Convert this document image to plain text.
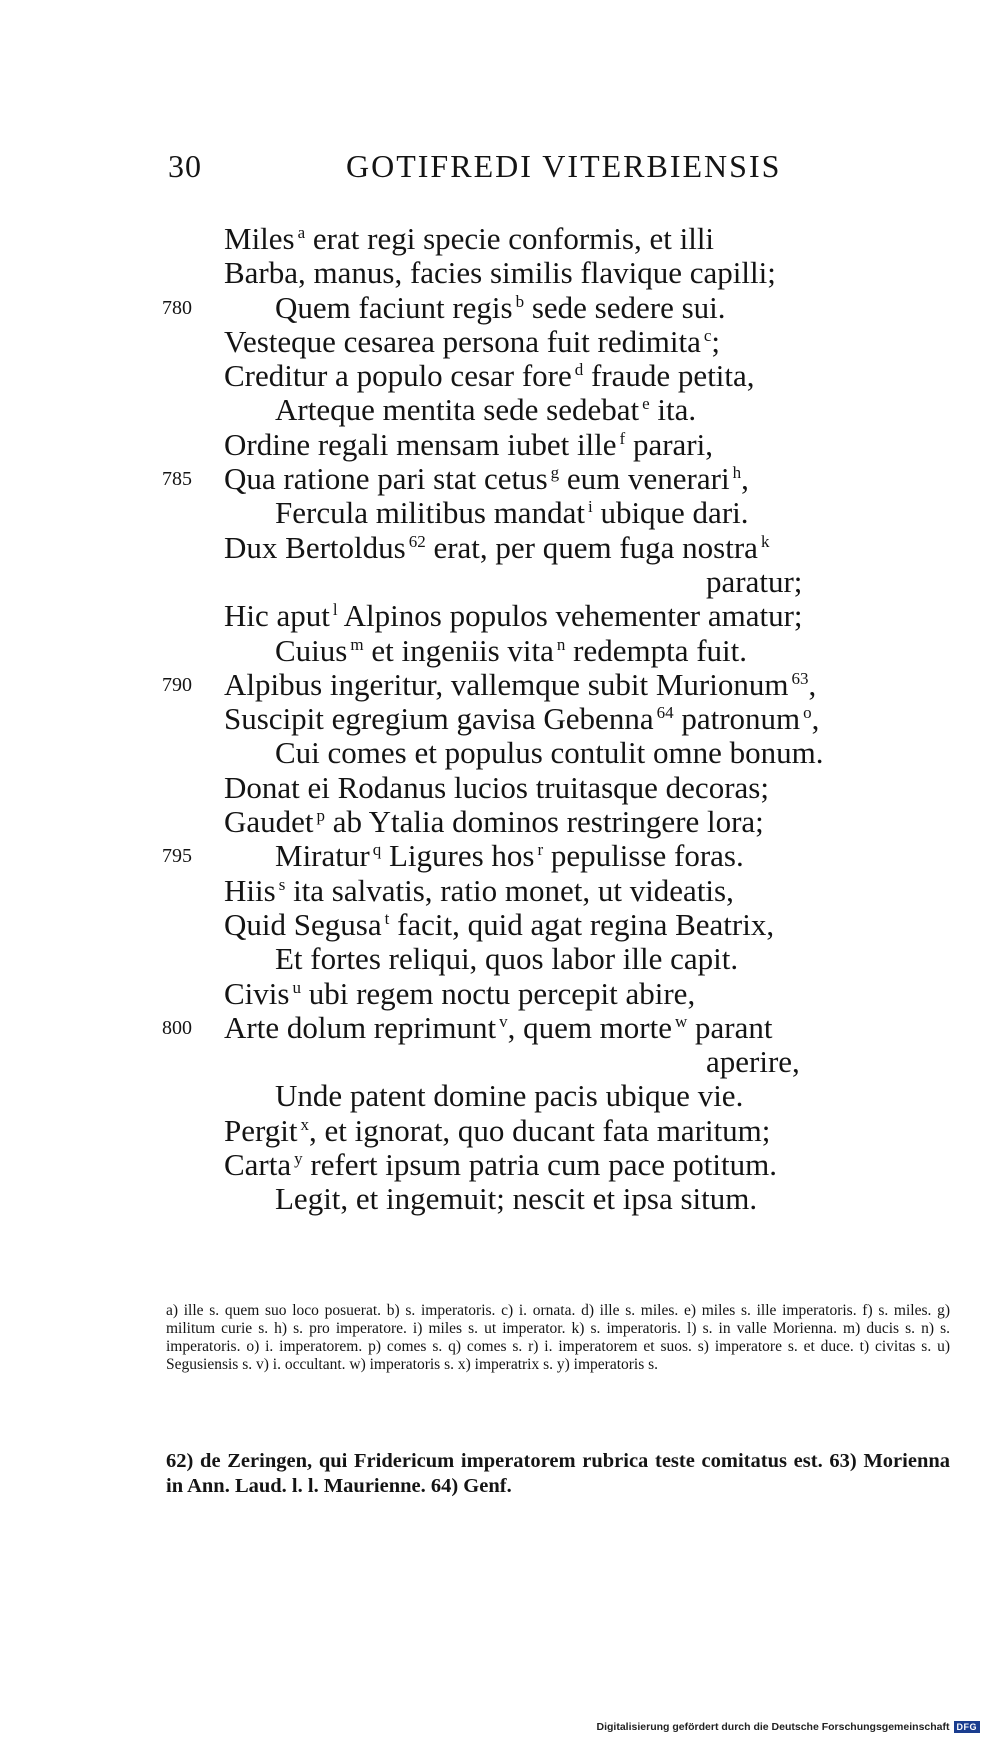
30	GOTIFREDI VITERBIENSIS
Miles $^a$ erat regi specie conformis, et illi
Barba, manus, facies similis flavique capilli;
780	Quem faciunt regis $^b$ sede sedere sui.
Vesteque cesarea persona fuit redimita $^c$;
Creditur a populo cesar fore $^d$ fraude petita,
Arteque mentita sede sedebat $^e$ ita.
Ordine regali mensam iubet ille $^f$ parari,
785	Qua ratione pari stat cetus $^g$ eum venerari $^h$,
Fercula militibus mandat $^i$ ubique dari.
Dux Bertoldus $^{62}$ erat, per quem fuga nostra $^k$
paratur;
Hic aput $^l$ Alpinos populos vehementer amatur;
Cuius $^m$ et ingeniis vita $^n$ redempta fuit.
790	Alpibus ingeritur, vallemque subit Murionum $^{63}$,
Suscipit egregium gavisa Gebenna $^{64}$ patronum $^o$,
Cui comes et populus contulit omne bonum.
Donat ei Rodanus lucios truitasque decoras;
Gaudet $^p$ ab Ytalia dominos restringere lora;
795	Miratur $^q$ Ligures hos $^r$ pepulisse foras.
Hiis $^s$ ita salvatis, ratio monet, ut videatis,
Quid Segusa $^t$ facit, quid agat regina Beatrix,
Et fortes reliqui, quos labor ille capit.
Civis $^u$ ubi regem noctu percepit abire,
800	Arte dolum reprimunt $^v$, quem morte $^w$ parant
aperire,
Unde patent domine pacis ubique vie.
Pergit $^x$, et ignorat, quo ducant fata maritum;
Carta $^y$ refert ipsum patria cum pace potitum.
Legit, et ingemuit; nescit et ipsa situm.

a) ille s. quem suo loco posuerat. b) s. imperatoris. c) i. ornata. d) ille s. miles. e) miles s. ille imperatoris. f) s. miles. g) militum curie s. h) s. pro imperatore. i) miles s. ut imperator. k) s. imperatoris. l) s. in valle Morienna. m) ducis s. n) s. imperatoris. o) i. imperatorem. p) comes s. q) comes s. r) i. imperatorem et suos. s) imperatore s. et duce. t) civitas s. u) Segusiensis s. v) i. occultant. w) imperatoris s. x) imperatrix s. y) imperatoris s.

62) de Zeringen, qui Fridericum imperatorem rubrica teste comitatus est. 63) Morienna in Ann. Laud. l. l. Maurienne. 64) Genf.

Digitalisierung gefördert durch die Deutsche Forschungsgemeinschaft DFG
